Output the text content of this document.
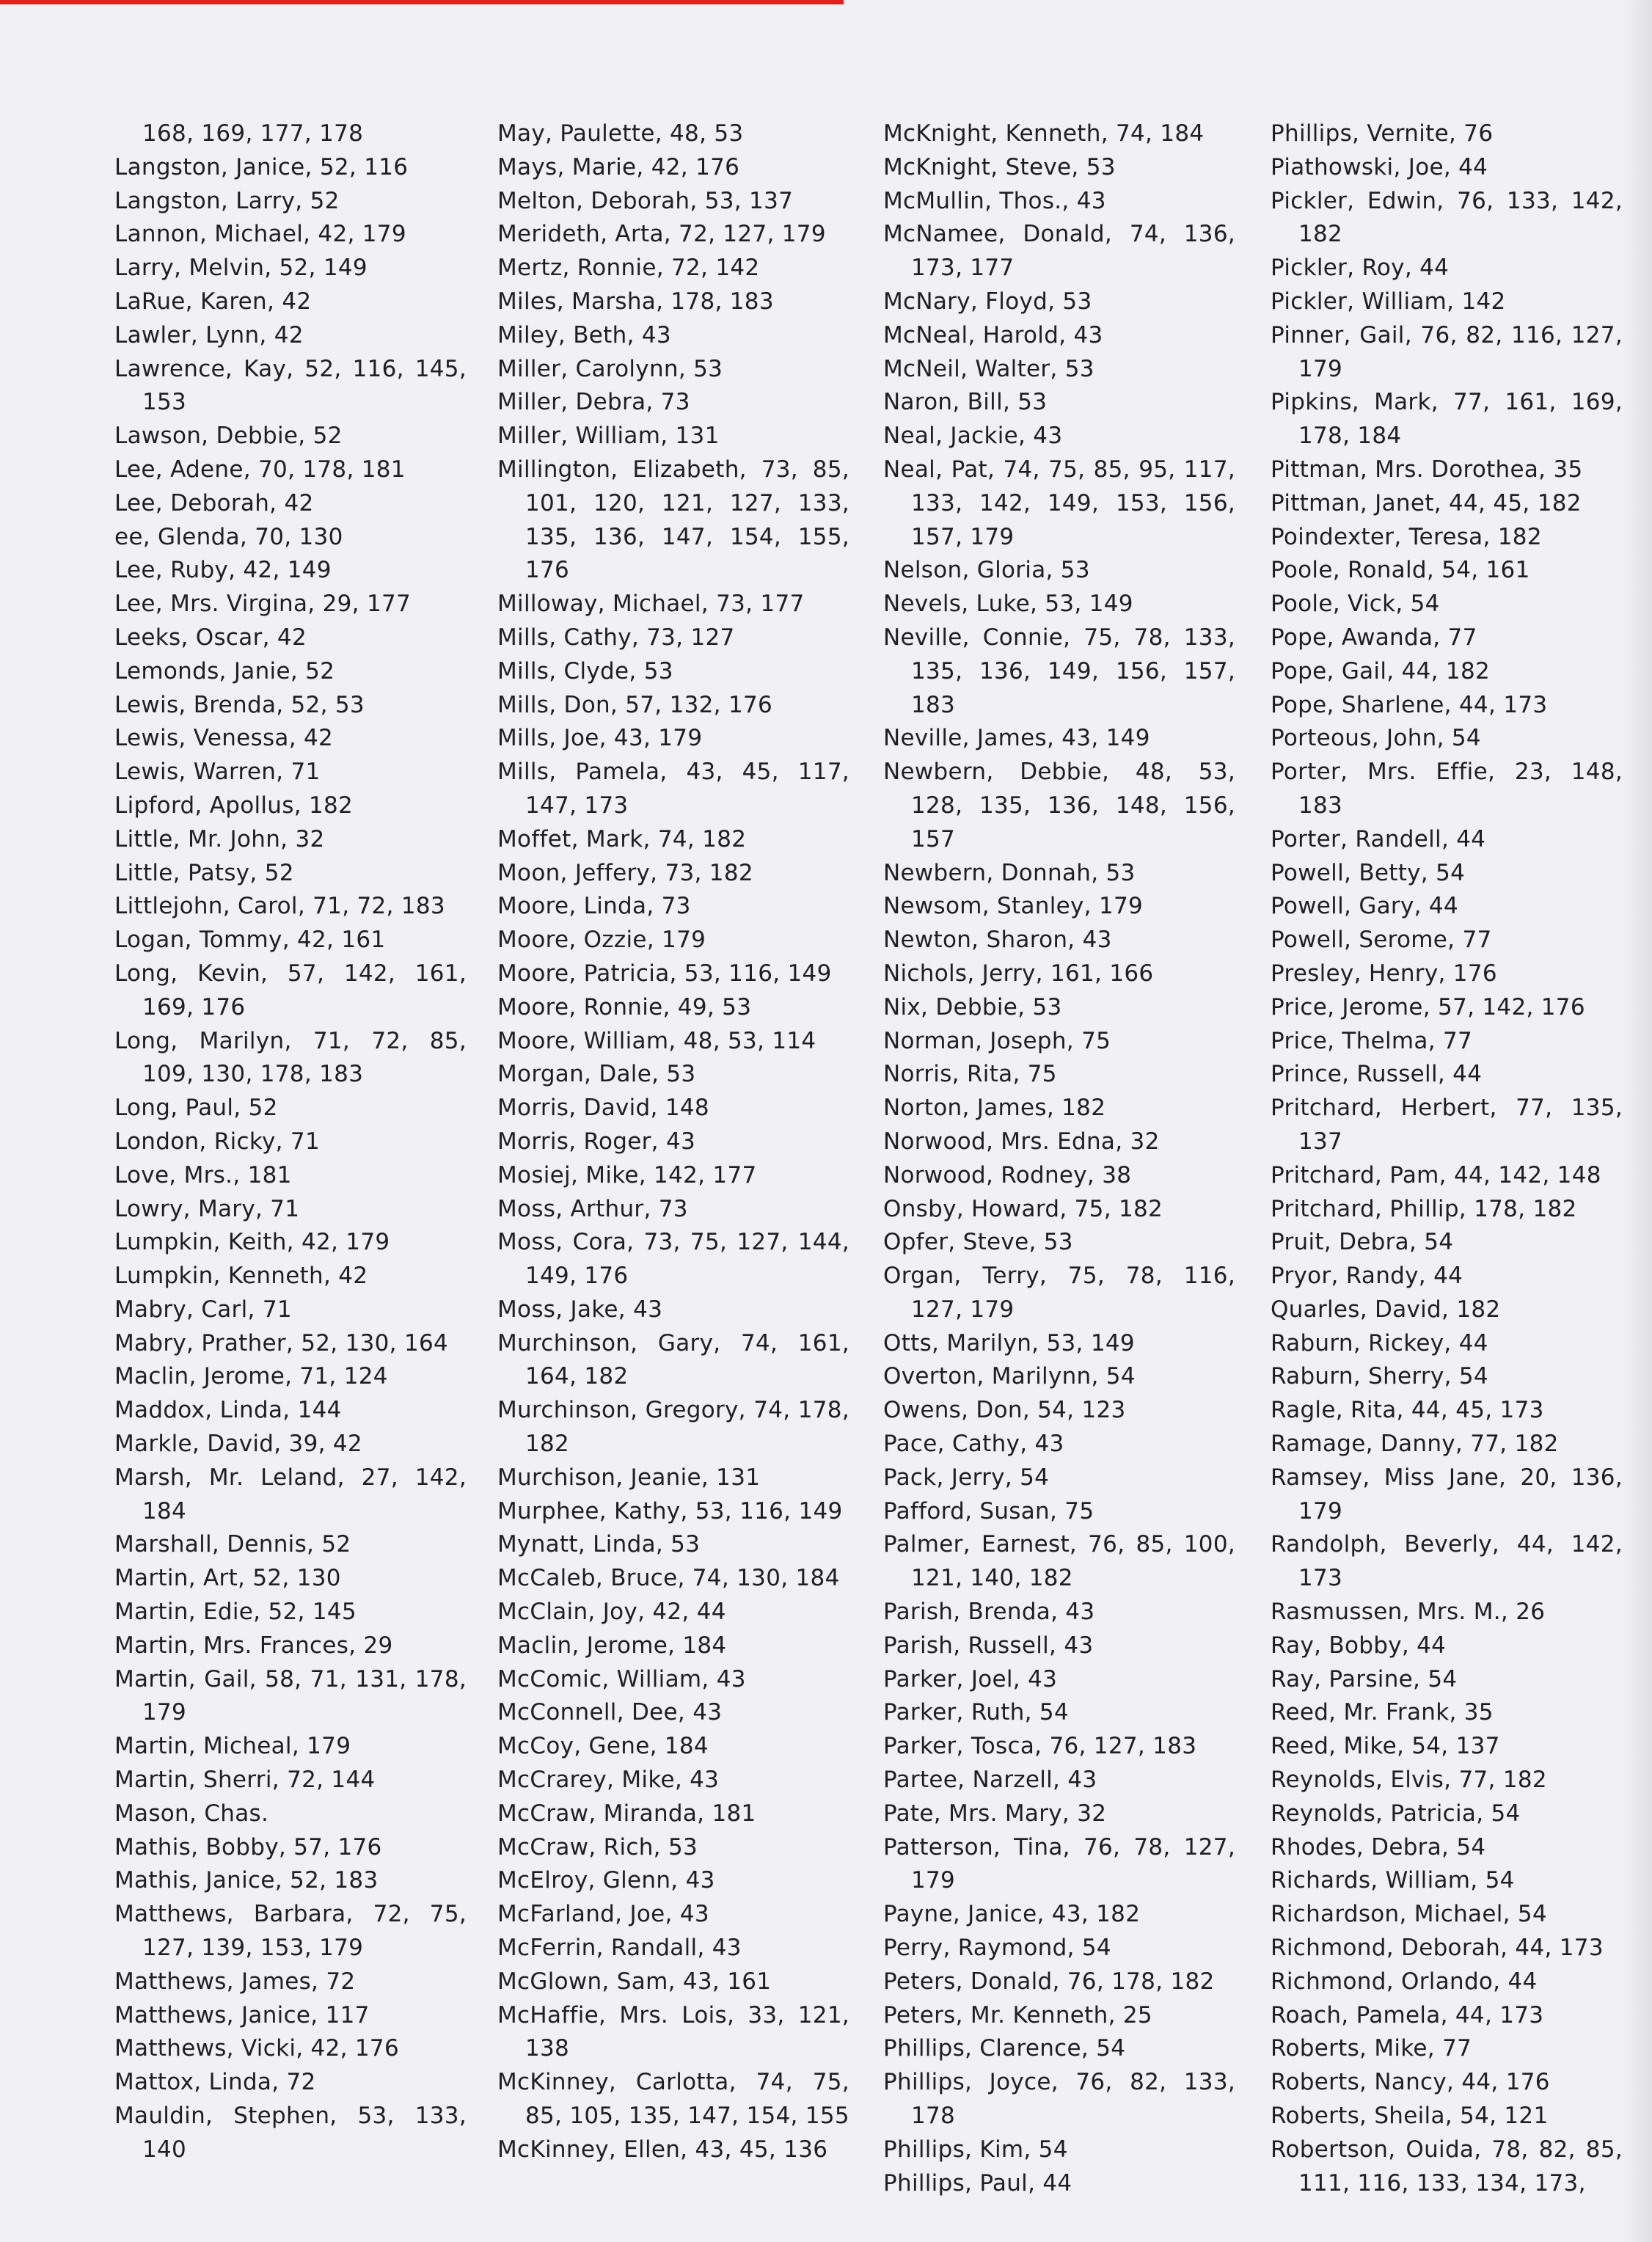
168, 169, 177, 178
Langston, Janice, 52, 116
Langston, Larry, 52
Lannon, Michael, 42, 179
Larry, Melvin, 52, 149
LaRue, Karen, 42
Lawler, Lynn, 42
Lawrence, Kay, 52, 116, 145, 153
Lawson, Debbie, 52
Lee, Adene, 70, 178, 181
Lee, Deborah, 42
ee, Glenda, 70, 130
Lee, Ruby, 42, 149
Lee, Mrs. Virgina, 29, 177
Leeks, Oscar, 42
Lemonds, Janie, 52
Lewis, Brenda, 52, 53
Lewis, Venessa, 42
Lewis, Warren, 71
Lipford, Apollus, 182
Little, Mr. John, 32
Little, Patsy, 52
Littlejohn, Carol, 71, 72, 183
Logan, Tommy, 42, 161
Long, Kevin, 57, 142, 161, 169, 176
Long, Marilyn, 71, 72, 85, 109, 130, 178, 183
Long, Paul, 52
London, Ricky, 71
Love, Mrs., 181
Lowry, Mary, 71
Lumpkin, Keith, 42, 179
Lumpkin, Kenneth, 42
Mabry, Carl, 71
Mabry, Prather, 52, 130, 164
Maclin, Jerome, 71, 124
Maddox, Linda, 144
Markle, David, 39, 42
Marsh, Mr. Leland, 27, 142, 184
Marshall, Dennis, 52
Martin, Art, 52, 130
Martin, Edie, 52, 145
Martin, Mrs. Frances, 29
Martin, Gail, 58, 71, 131, 178, 179
Martin, Micheal, 179
Martin, Sherri, 72, 144
Mason, Chas.
Mathis, Bobby, 57, 176
Mathis, Janice, 52, 183
Matthews, Barbara, 72, 75, 127, 139, 153, 179
Matthews, James, 72
Matthews, Janice, 117
Matthews, Vicki, 42, 176
Mattox, Linda, 72
Mauldin, Stephen, 53, 133, 140
May, Paulette, 48, 53
Mays, Marie, 42, 176
Melton, Deborah, 53, 137
Merideth, Arta, 72, 127, 179
Mertz, Ronnie, 72, 142
Miles, Marsha, 178, 183
Miley, Beth, 43
Miller, Carolynn, 53
Miller, Debra, 73
Miller, William, 131
Millington, Elizabeth, 73, 85, 101, 120, 121, 127, 133, 135, 136, 147, 154, 155, 176
Milloway, Michael, 73, 177
Mills, Cathy, 73, 127
Mills, Clyde, 53
Mills, Don, 57, 132, 176
Mills, Joe, 43, 179
Mills, Pamela, 43, 45, 117, 147, 173
Moffet, Mark, 74, 182
Moon, Jeffery, 73, 182
Moore, Linda, 73
Moore, Ozzie, 179
Moore, Patricia, 53, 116, 149
Moore, Ronnie, 49, 53
Moore, William, 48, 53, 114
Morgan, Dale, 53
Morris, David, 148
Morris, Roger, 43
Mosiej, Mike, 142, 177
Moss, Arthur, 73
Moss, Cora, 73, 75, 127, 144, 149, 176
Moss, Jake, 43
Murchinson, Gary, 74, 161, 164, 182
Murchinson, Gregory, 74, 178, 182
Murchison, Jeanie, 131
Murphee, Kathy, 53, 116, 149
Mynatt, Linda, 53
McCaleb, Bruce, 74, 130, 184
McClain, Joy, 42, 44
Maclin, Jerome, 184
McComic, William, 43
McConnell, Dee, 43
McCoy, Gene, 184
McCrarey, Mike, 43
McCraw, Miranda, 181
McCraw, Rich, 53
McElroy, Glenn, 43
McFarland, Joe, 43
McFerrin, Randall, 43
McGlown, Sam, 43, 161
McHaffie, Mrs. Lois, 33, 121, 138
McKinney, Carlotta, 74, 75, 85, 105, 135, 147, 154, 155
McKinney, Ellen, 43, 45, 136
McKnight, Kenneth, 74, 184
McKnight, Steve, 53
McMullin, Thos., 43
McNamee, Donald, 74, 136, 173, 177
McNary, Floyd, 53
McNeal, Harold, 43
McNeil, Walter, 53
Naron, Bill, 53
Neal, Jackie, 43
Neal, Pat, 74, 75, 85, 95, 117, 133, 142, 149, 153, 156, 157, 179
Nelson, Gloria, 53
Nevels, Luke, 53, 149
Neville, Connie, 75, 78, 133, 135, 136, 149, 156, 157, 183
Neville, James, 43, 149
Newbern, Debbie, 48, 53, 128, 135, 136, 148, 156, 157
Newbern, Donnah, 53
Newsom, Stanley, 179
Newton, Sharon, 43
Nichols, Jerry, 161, 166
Nix, Debbie, 53
Norman, Joseph, 75
Norris, Rita, 75
Norton, James, 182
Norwood, Mrs. Edna, 32
Norwood, Rodney, 38
Onsby, Howard, 75, 182
Opfer, Steve, 53
Organ, Terry, 75, 78, 116, 127, 179
Otts, Marilyn, 53, 149
Overton, Marilynn, 54
Owens, Don, 54, 123
Pace, Cathy, 43
Pack, Jerry, 54
Pafford, Susan, 75
Palmer, Earnest, 76, 85, 100, 121, 140, 182
Parish, Brenda, 43
Parish, Russell, 43
Parker, Joel, 43
Parker, Ruth, 54
Parker, Tosca, 76, 127, 183
Partee, Narzell, 43
Pate, Mrs. Mary, 32
Patterson, Tina, 76, 78, 127, 179
Payne, Janice, 43, 182
Perry, Raymond, 54
Peters, Donald, 76, 178, 182
Peters, Mr. Kenneth, 25
Phillips, Clarence, 54
Phillips, Joyce, 76, 82, 133, 178
Phillips, Kim, 54
Phillips, Paul, 44
Phillips, Vernite, 76
Piathowski, Joe, 44
Pickler, Edwin, 76, 133, 142, 182
Pickler, Roy, 44
Pickler, William, 142
Pinner, Gail, 76, 82, 116, 127, 179
Pipkins, Mark, 77, 161, 169, 178, 184
Pittman, Mrs. Dorothea, 35
Pittman, Janet, 44, 45, 182
Poindexter, Teresa, 182
Poole, Ronald, 54, 161
Poole, Vick, 54
Pope, Awanda, 77
Pope, Gail, 44, 182
Pope, Sharlene, 44, 173
Porteous, John, 54
Porter, Mrs. Effie, 23, 148, 183
Porter, Randell, 44
Powell, Betty, 54
Powell, Gary, 44
Powell, Serome, 77
Presley, Henry, 176
Price, Jerome, 57, 142, 176
Price, Thelma, 77
Prince, Russell, 44
Pritchard, Herbert, 77, 135, 137
Pritchard, Pam, 44, 142, 148
Pritchard, Phillip, 178, 182
Pruit, Debra, 54
Pryor, Randy, 44
Quarles, David, 182
Raburn, Rickey, 44
Raburn, Sherry, 54
Ragle, Rita, 44, 45, 173
Ramage, Danny, 77, 182
Ramsey, Miss Jane, 20, 136, 179
Randolph, Beverly, 44, 142, 173
Rasmussen, Mrs. M., 26
Ray, Bobby, 44
Ray, Parsine, 54
Reed, Mr. Frank, 35
Reed, Mike, 54, 137
Reynolds, Elvis, 77, 182
Reynolds, Patricia, 54
Rhodes, Debra, 54
Richards, William, 54
Richardson, Michael, 54
Richmond, Deborah, 44, 173
Richmond, Orlando, 44
Roach, Pamela, 44, 173
Roberts, Mike, 77
Roberts, Nancy, 44, 176
Roberts, Sheila, 54, 121
Robertson, Ouida, 78, 82, 85, 111, 116, 133, 134, 173,
